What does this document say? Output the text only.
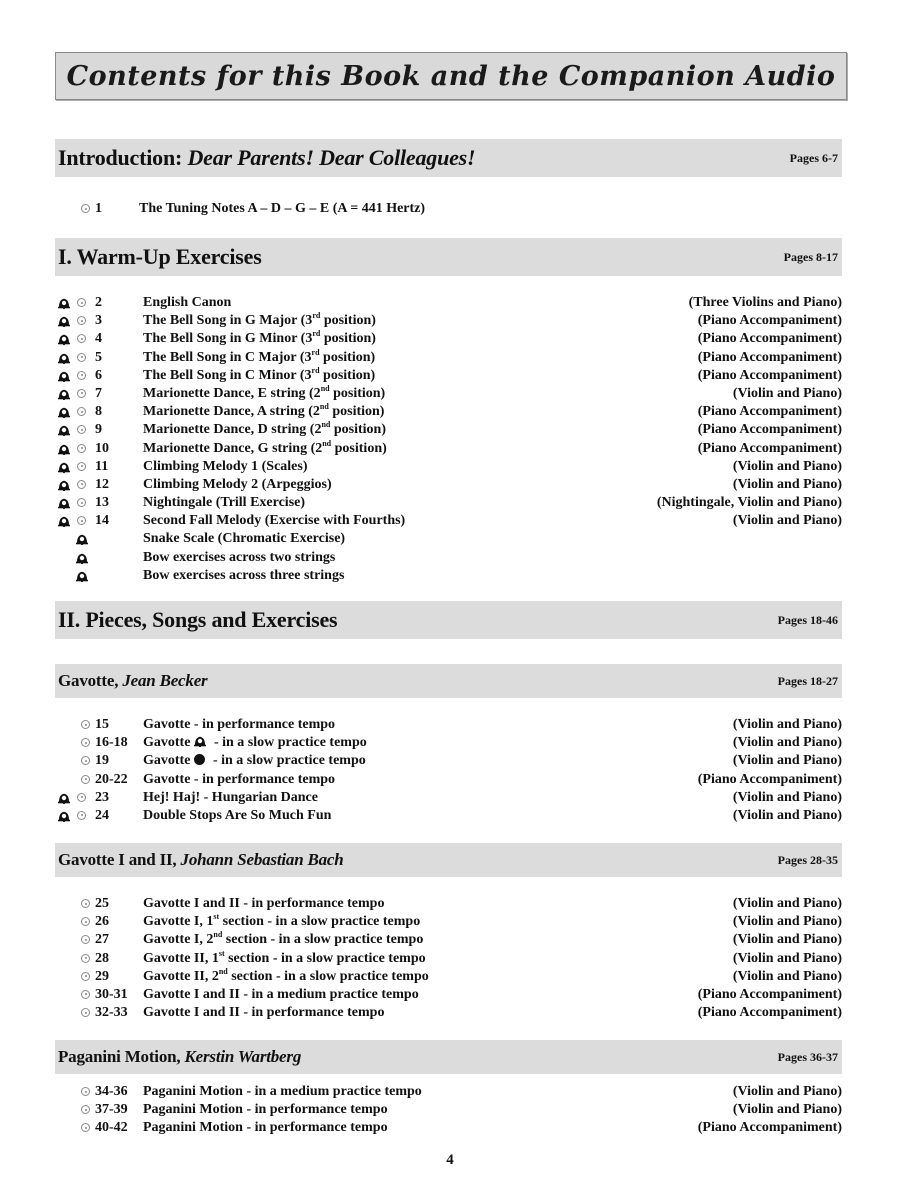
Contents for this Book and the Companion Audio
Introduction: Dear Parents! Dear Colleagues!	Pages 6-7
1	The Tuning Notes A – D – G – E (A = 441 Hertz)
I. Warm-Up Exercises	Pages 8-17
2	English Canon	(Three Violins and Piano)
3	The Bell Song in G Major (3rd position)	(Piano Accompaniment)
4	The Bell Song in G Minor (3rd position)	(Piano Accompaniment)
5	The Bell Song in C Major (3rd position)	(Piano Accompaniment)
6	The Bell Song in C Minor (3rd position)	(Piano Accompaniment)
7	Marionette Dance, E string (2nd position)	(Violin and Piano)
8	Marionette Dance, A string (2nd position)	(Piano Accompaniment)
9	Marionette Dance, D string (2nd position)	(Piano Accompaniment)
10 Marionette Dance, G string (2nd position)	(Piano Accompaniment)
11 Climbing Melody 1 (Scales)	(Violin and Piano)
12 Climbing Melody 2 (Arpeggios)	(Violin and Piano)
13 Nightingale (Trill Exercise)	(Nightingale, Violin and Piano)
14 Second Fall Melody (Exercise with Fourths)	(Violin and Piano)
Snake Scale (Chromatic Exercise)
Bow exercises across two strings
Bow exercises across three strings
II. Pieces, Songs and Exercises	Pages 18-46
Gavotte, Jean Becker	Pages 18-27
15 Gavotte - in performance tempo	(Violin and Piano)
16-18 Gavotte - in a slow practice tempo	(Violin and Piano)
19 Gavotte - in a slow practice tempo	(Violin and Piano)
20-22 Gavotte - in performance tempo	(Piano Accompaniment)
23 Hej! Haj! - Hungarian Dance	(Violin and Piano)
24 Double Stops Are So Much Fun	(Violin and Piano)
Gavotte I and II, Johann Sebastian Bach	Pages 28-35
25 Gavotte I and II - in performance tempo	(Violin and Piano)
26 Gavotte I, 1st section - in a slow practice tempo	(Violin and Piano)
27 Gavotte I, 2nd section - in a slow practice tempo	(Violin and Piano)
28 Gavotte II, 1st section - in a slow practice tempo	(Violin and Piano)
29 Gavotte II, 2nd section - in a slow practice tempo	(Violin and Piano)
30-31 Gavotte I and II - in a medium practice tempo	(Piano Accompaniment)
32-33 Gavotte I and II - in performance tempo	(Piano Accompaniment)
Paganini Motion, Kerstin Wartberg	Pages 36-37
34-36 Paganini Motion - in a medium practice tempo	(Violin and Piano)
37-39 Paganini Motion - in performance tempo	(Violin and Piano)
40-42 Paganini Motion - in performance tempo	(Piano Accompaniment)
4
